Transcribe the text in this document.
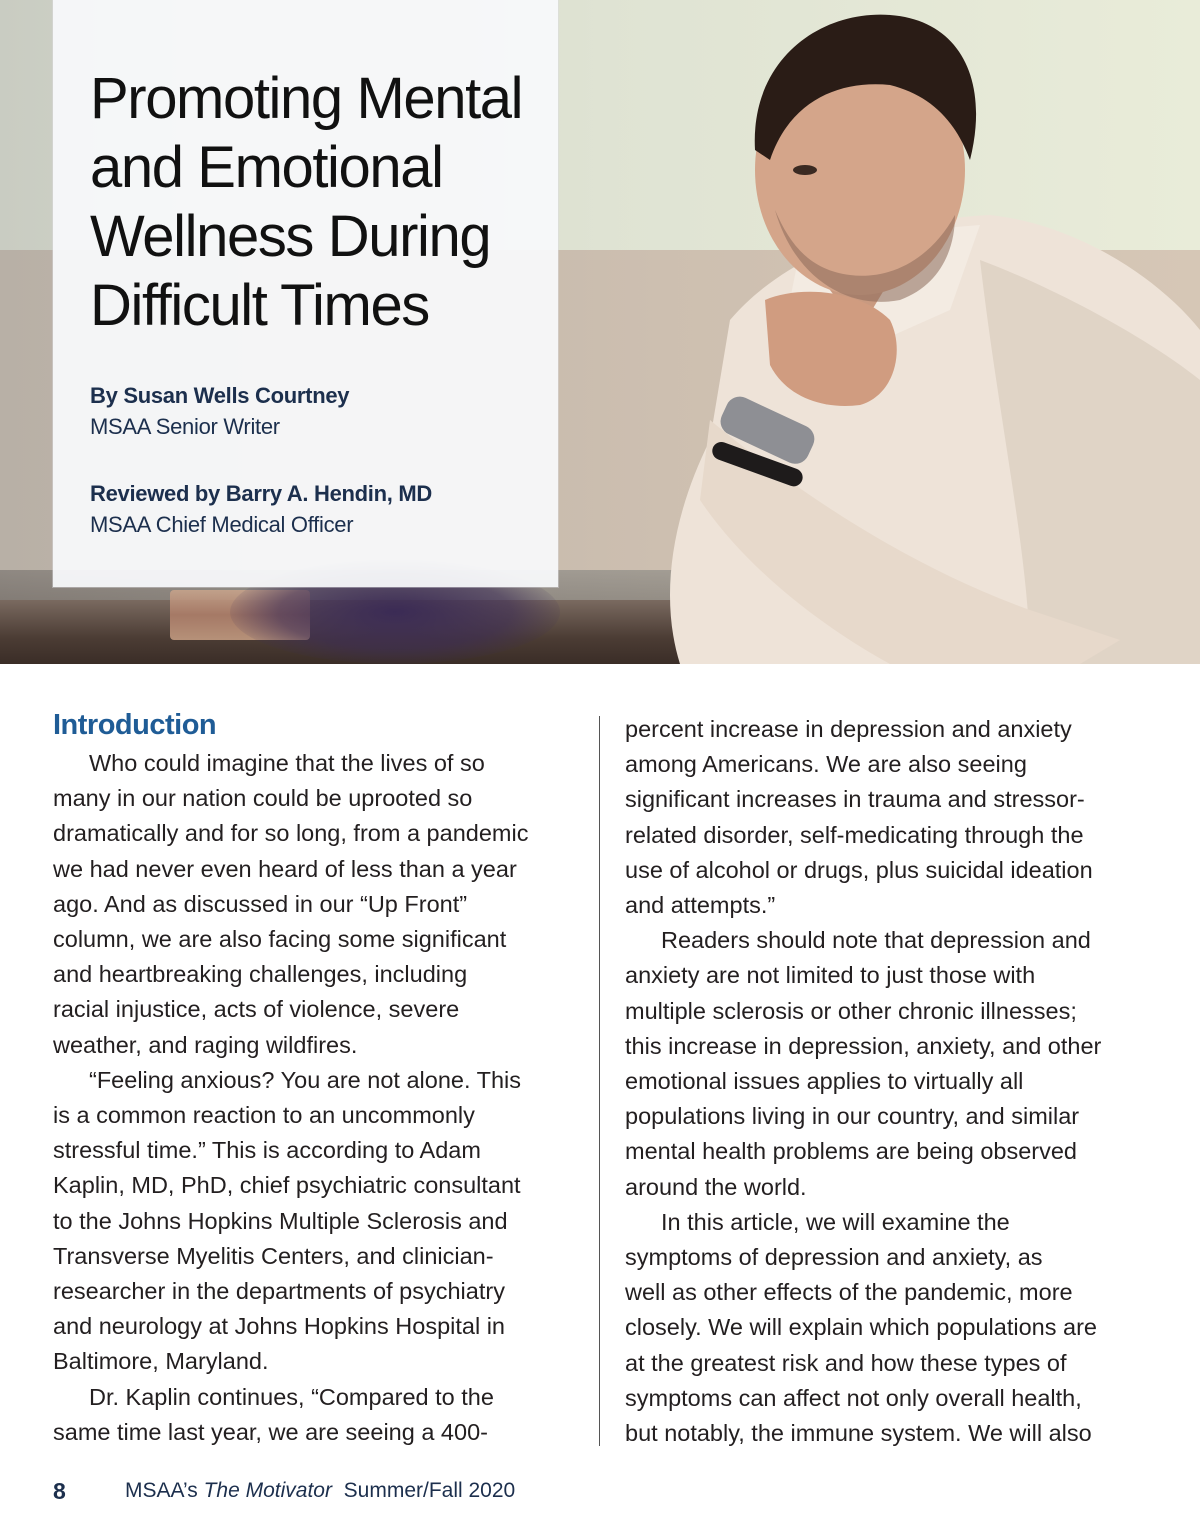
Promoting Mental and Emotional Wellness During Difficult Times
By Susan Wells Courtney
MSAA Senior Writer
Reviewed by Barry A. Hendin, MD
MSAA Chief Medical Officer
Introduction

Who could imagine that the lives of so
many in our nation could be uprooted so
dramatically and for so long, from a pandemic
we had never even heard of less than a year
ago. And as discussed in our “Up Front”
column, we are also facing some significant
and heartbreaking challenges, including
racial injustice, acts of violence, severe
weather, and raging wildfires.

“Feeling anxious? You are not alone. This
is a common reaction to an uncommonly
stressful time.” This is according to Adam
Kaplin, MD, PhD, chief psychiatric consultant
to the Johns Hopkins Multiple Sclerosis and
Transverse Myelitis Centers, and clinician-
researcher in the departments of psychiatry
and neurology at Johns Hopkins Hospital in
Baltimore, Maryland.

Dr. Kaplin continues, “Compared to the
same time last year, we are seeing a 400-

percent increase in depression and anxiety
among Americans. We are also seeing
significant increases in trauma and stressor-
related disorder, self-medicating through the
use of alcohol or drugs, plus suicidal ideation
and attempts.”

Readers should note that depression and
anxiety are not limited to just those with
multiple sclerosis or other chronic illnesses;
this increase in depression, anxiety, and other
emotional issues applies to virtually all
populations living in our country, and similar
mental health problems are being observed
around the world.

In this article, we will examine the
symptoms of depression and anxiety, as
well as other effects of the pandemic, more
closely. We will explain which populations are
at the greatest risk and how these types of
symptoms can affect not only overall health,
but notably, the immune system. We will also

8	MSAA’s The Motivator Summer/Fall 2020
